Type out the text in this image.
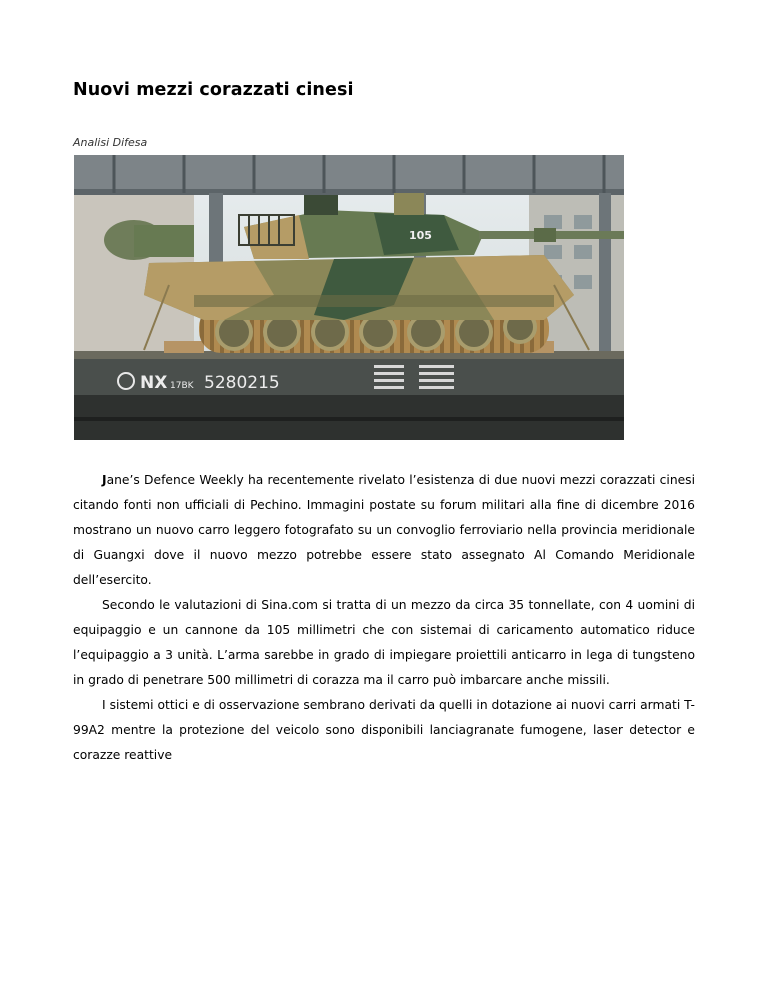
Nuovi mezzi corazzati cinesi
Analisi Difesa
NX 17BK 5280215
105

Jane’s Defence Weekly ha recentemente rivelato l’esistenza di due nuovi mezzi corazzati cinesi citando fonti non ufficiali di Pechino. Immagini postate su forum militari alla fine di dicembre 2016 mostrano un nuovo carro leggero fotografato su un convoglio ferroviario nella provincia meridionale di Guangxi dove il nuovo mezzo potrebbe essere stato assegnato Al Comando Meridionale dell’esercito.

Secondo le valutazioni di Sina.com si tratta di un mezzo da circa 35 tonnellate, con 4 uomini di equipaggio e un cannone da 105 millimetri che con sistemai di caricamento automatico riduce l’equipaggio a 3 unità. L’arma sarebbe in grado di impiegare proiettili anticarro in lega di tungsteno in grado di penetrare 500 millimetri di corazza ma il carro può imbarcare anche missili.

I sistemi ottici e di osservazione sembrano derivati da quelli in dotazione ai nuovi carri armati T-99A2 mentre la protezione del veicolo sono disponibili lanciagranate fumogene, laser detector e corazze reattive
